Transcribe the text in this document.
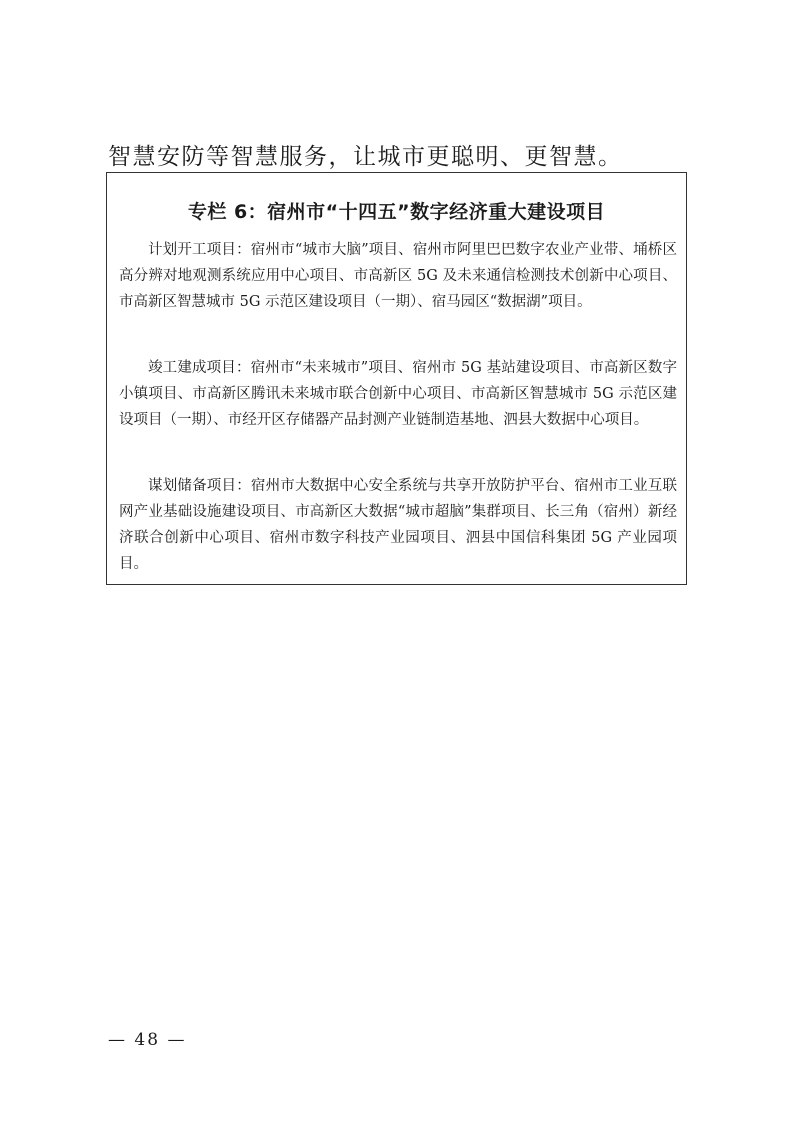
智慧安防等智慧服务，让城市更聪明、更智慧。
专栏 6：宿州市“十四五”数字经济重大建设项目

计划开工项目：宿州市“城市大脑”项目、宿州市阿里巴巴数字农业产业带、埇桥区高分辨对地观测系统应用中心项目、市高新区 5G 及未来通信检测技术创新中心项目、市高新区智慧城市 5G 示范区建设项目（一期）、宿马园区“数据湖”项目。

竣工建成项目：宿州市“未来城市”项目、宿州市 5G 基站建设项目、市高新区数字小镇项目、市高新区腾讯未来城市联合创新中心项目、市高新区智慧城市 5G 示范区建设项目（一期）、市经开区存储器产品封测产业链制造基地、泗县大数据中心项目。

谋划储备项目：宿州市大数据中心安全系统与共享开放防护平台、宿州市工业互联网产业基础设施建设项目、市高新区大数据“城市超脑”集群项目、长三角（宿州）新经济联合创新中心项目、宿州市数字科技产业园项目、泗县中国信科集团 5G 产业园项目。

— 48 —
